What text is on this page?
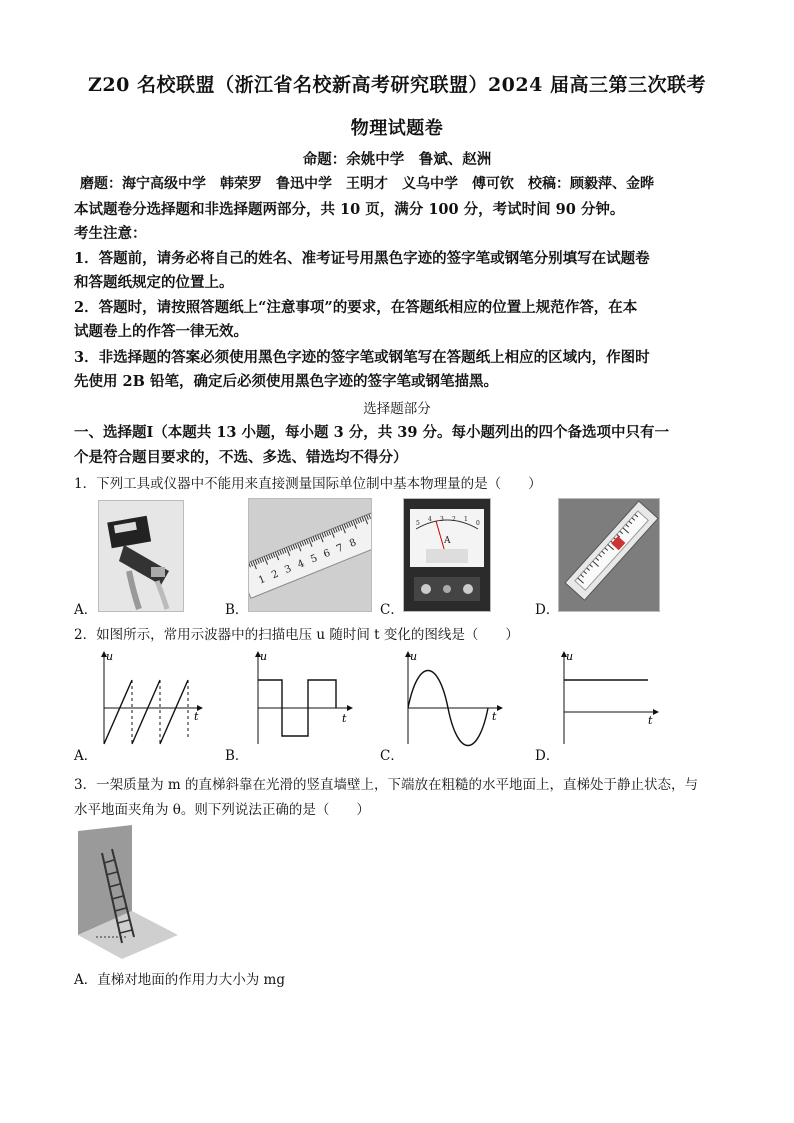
Z20 名校联盟（浙江省名校新高考研究联盟）2024 届高三第三次联考
物理试题卷
命题：余姚中学　鲁斌、赵洲
磨题：海宁高级中学　韩荣罗　鲁迅中学　王明才　义乌中学　傅可钦　校稿：顾毅萍、金晔
本试题卷分选择题和非选择题两部分，共 10 页，满分 100 分，考试时间 90 分钟。
考生注意：
1．答题前，请务必将自己的姓名、准考证号用黑色字迹的签字笔或钢笔分别填写在试题卷
和答题纸规定的位置上。
2．答题时，请按照答题纸上“注意事项”的要求，在答题纸相应的位置上规范作答，在本
试题卷上的作答一律无效。
3．非选择题的答案必须使用黑色字迹的签字笔或钢笔写在答题纸上相应的区域内，作图时
先使用 2B 铅笔，确定后必须使用黑色字迹的签字笔或钢笔描黑。
选择题部分
一、选择题Ⅰ（本题共 13 小题，每小题 3 分，共 39 分。每小题列出的四个备选项中只有一
个是符合题目要求的，不选、多选、错选均不得分）
1．下列工具或仪器中不能用来直接测量国际单位制中基本物理量的是（　　）
A．
1 2 3 4 5 6 7 8
B．
5
4 3 2 1
0
A
C．	D．
2．如图所示，常用示波器中的扫描电压 u 随时间 t 变化的图线是（　　）
u
t
A．
u
t
B．
u
t
C．
u
t
D．
3．一架质量为 m 的直梯斜靠在光滑的竖直墙壁上，下端放在粗糙的水平地面上，直梯处于静止状态，与
水平地面夹角为 θ。则下列说法正确的是（　　）
A．直梯对地面的作用力大小为 mg
